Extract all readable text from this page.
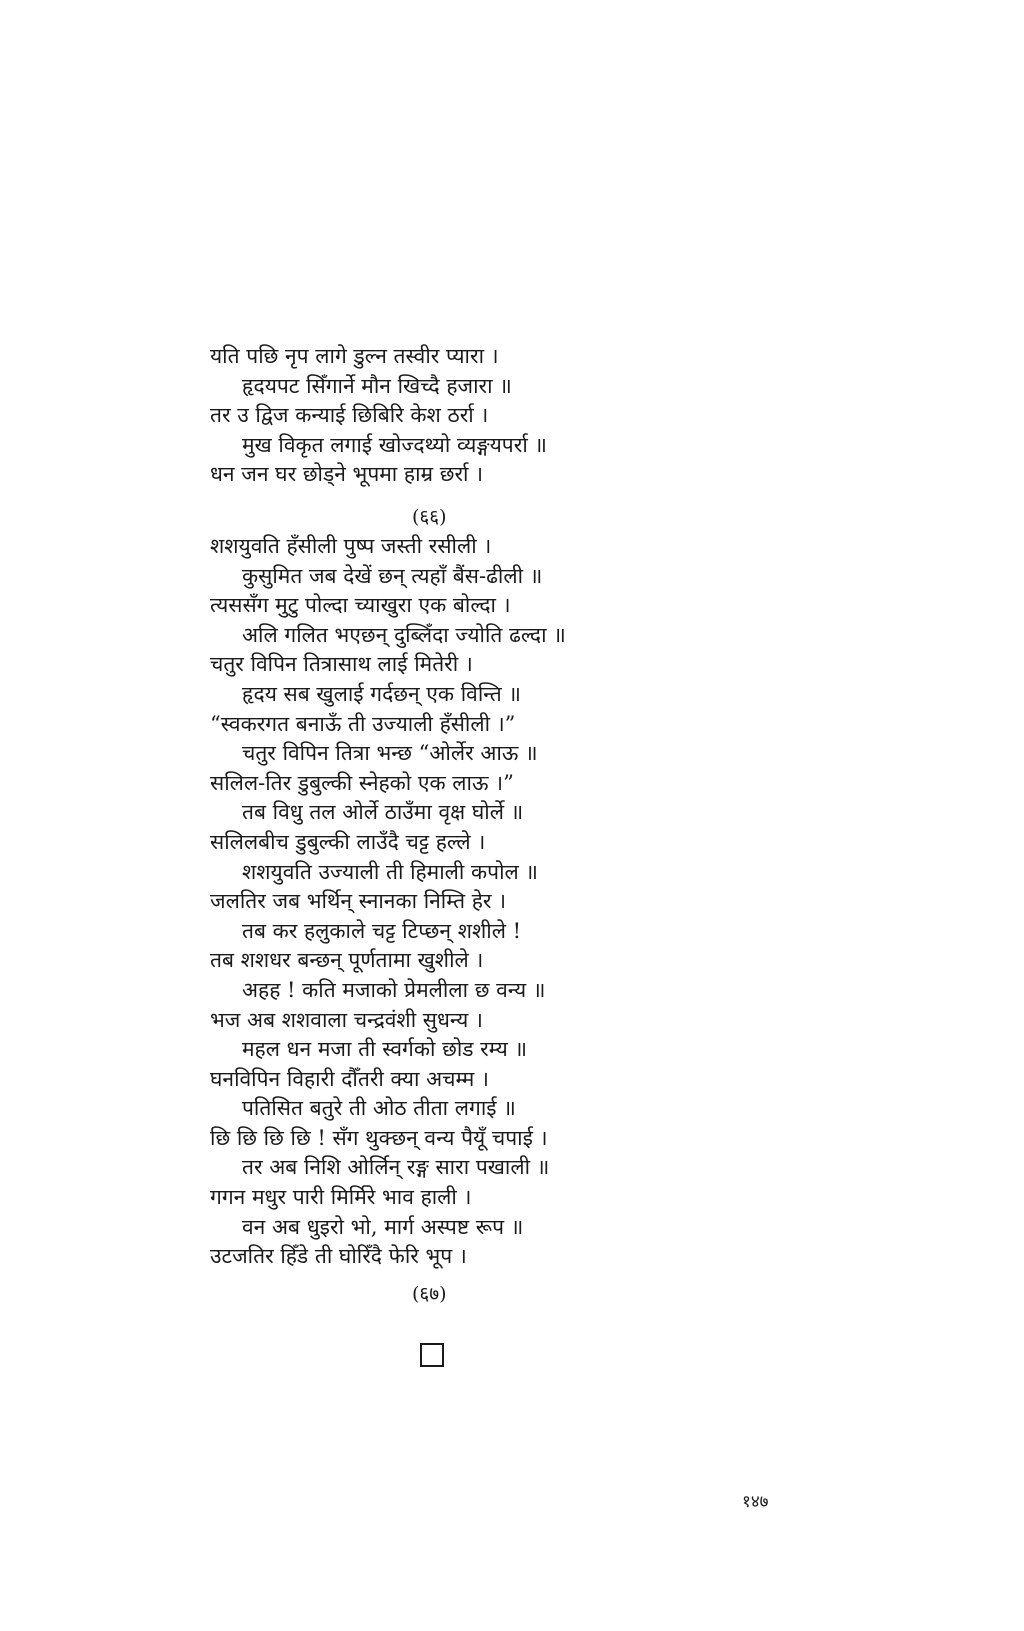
यति पछि नृप लागे डुल्न तस्वीर प्यारा ।
हृदयपट सिँगार्ने मौन खिच्दै हजारा ॥
तर उ द्विज कन्याई छिबिरि केश ठर्रा ।
मुख विकृत लगाई खोज्दथ्यो व्यङ्गयपर्रा ॥
धन जन घर छोड्ने भूपमा हाम्र छर्रा ।
(६६)
शशयुवति हँसीली पुष्प जस्ती रसीली ।
कुसुमित जब देखें छन् त्यहाँ बैंस-ढीली ॥
त्यससँग मुटु पोल्दा च्याखुरा एक बोल्दा ।
अलि गलित भएछन् दुब्लिँदा ज्योति ढल्दा ॥
चतुर विपिन तित्रासाथ लाई मितेरी ।
हृदय सब खुलाई गर्दछन् एक विन्ति ॥
“स्वकरगत बनाऊँ ती उज्याली हँसीली ।”
चतुर विपिन तित्रा भन्छ “ओर्लेर आऊ ॥
सलिल-तिर डुबुल्की स्नेहको एक लाऊ ।”
तब विधु तल ओर्ले ठाउँमा वृक्ष घोर्ले ॥
सलिलबीच डुबुल्की लाउँदै चट्ट हल्ले ।
शशयुवति उज्याली ती हिमाली कपोल ॥
जलतिर जब भर्थिन् स्नानका निम्ति हेर ।
तब कर हलुकाले चट्ट टिप्छन् शशीले !
तब शशधर बन्छन् पूर्णतामा खुशीले ।
अहह ! कति मजाको प्रेमलीला छ वन्य ॥
भज अब शशवाला चन्द्रवंशी सुधन्य ।
महल धन मजा ती स्वर्गको छोड रम्य ॥
घनविपिन विहारी दौँतरी क्या अचम्म ।
पतिसित बतुरे ती ओठ तीता लगाई ॥
छि छि छि छि ! सँग थुक्छन् वन्य पैयूँ चपाई ।
तर अब निशि ओर्लिन् रङ्ग सारा पखाली ॥
गगन मधुर पारी मिर्मिरे भाव हाली ।
वन अब धुइरो भो, मार्ग अस्पष्ट रूप ॥
उटजतिर हिँडे ती घोरिँदै फेरि भूप ।
(६७)
१४७
